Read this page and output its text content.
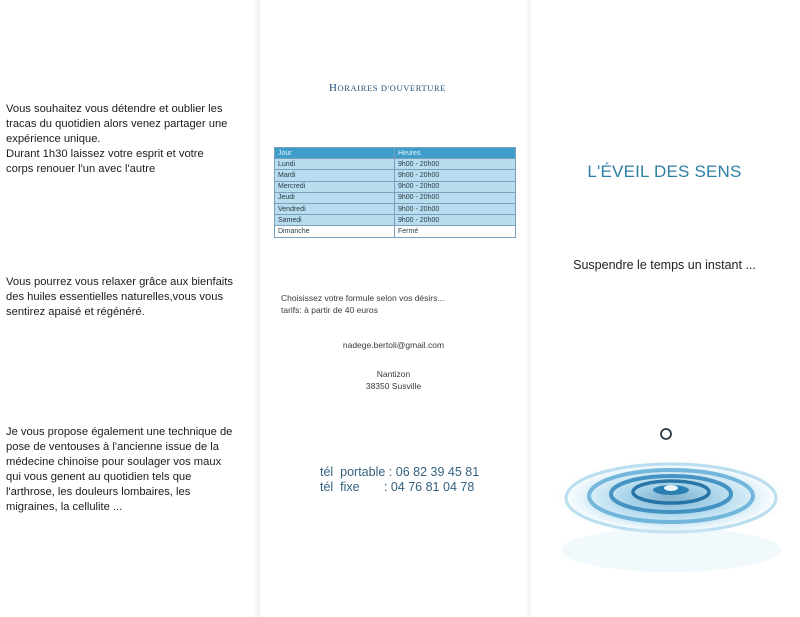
Vous souhaitez vous détendre et oublier les
tracas du quotidien alors venez partager une
expérience unique.
Durant 1h30 laissez votre esprit et votre
corps renouer l'un avec l'autre
Vous pourrez vous relaxer grâce aux bienfaits
des huiles essentielles naturelles,vous vous
sentirez apaisé et régénéré.
Je vous propose également une technique de
pose de ventouses à l'ancienne issue de la
médecine chinoise pour soulager vos maux
qui vous genent au quotidien tels que
l'arthrose, les douleurs lombaires, les
migraines, la cellulite ...
HORAIRES D'OUVERTURE
Jour	Heures
Lundi	9h00 - 20h00
Mardi	9h00 - 20h00
Mercredi	9h00 - 20h00
Jeudi	9h00 - 20h00
Vendredi	9h00 - 20h00
Samedi	9h00 - 20h00
Dimanche	Fermé
Choisissez votre formule selon vos désirs...
tarifs: à partir de 40 euros
nadege.bertoli@gmail.com
Nantizon
38350 Susville
tél  portable : 06 82 39 45 81
tél  fixe       : 04 76 81 04 78
L'ÉVEIL DES SENS
Suspendre le temps un instant ...
